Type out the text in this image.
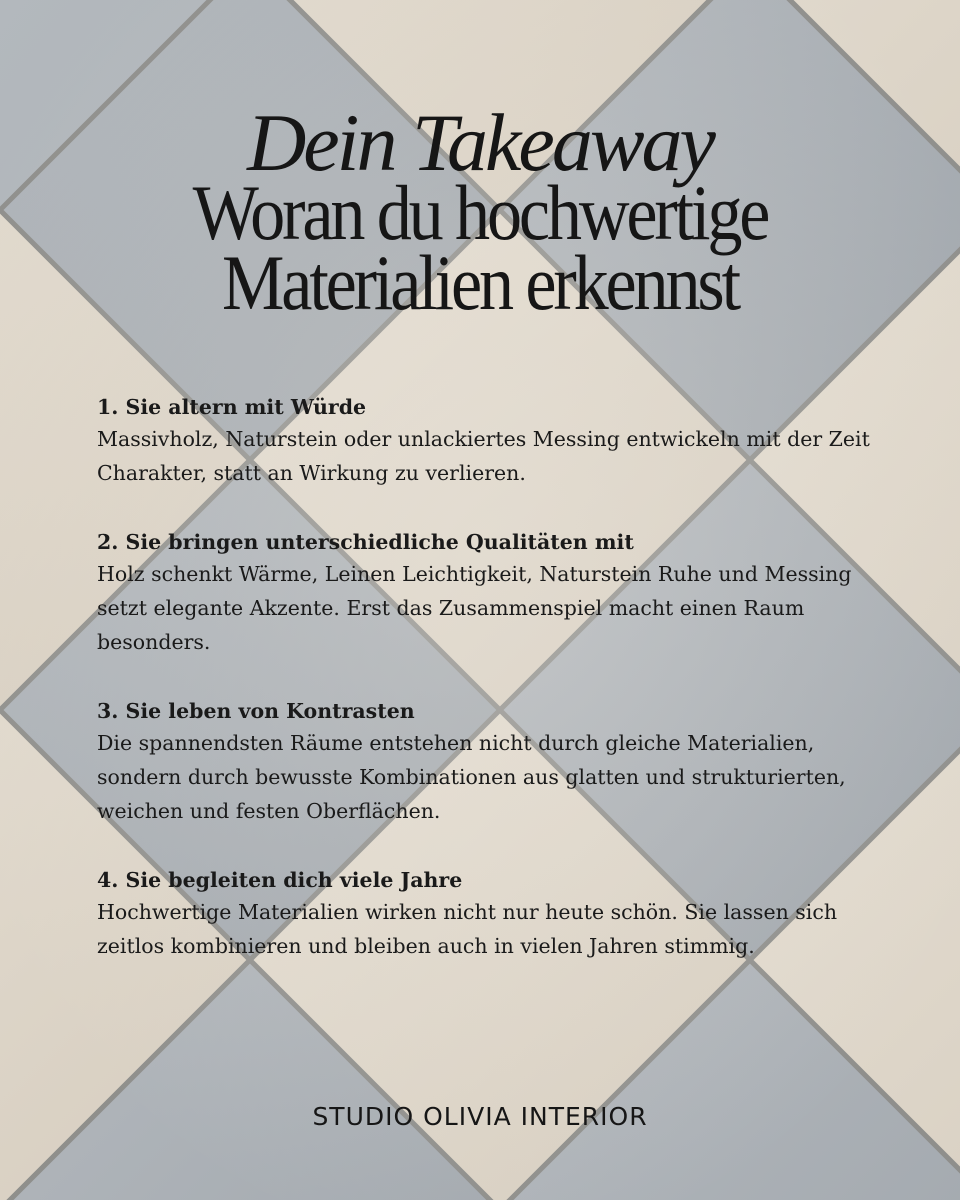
Dein Takeaway
Woran du hochwertige
Materialien erkennst

1. Sie altern mit Würde

Massivholz, Naturstein oder unlackiertes Messing entwickeln mit der Zeit Charakter, statt an Wirkung zu verlieren.

2. Sie bringen unterschiedliche Qualitäten mit

Holz schenkt Wärme, Leinen Leichtigkeit, Naturstein Ruhe und Messing setzt elegante Akzente. Erst das Zusammenspiel macht einen Raum besonders.

3. Sie leben von Kontrasten

Die spannendsten Räume entstehen nicht durch gleiche Materialien, sondern durch bewusste Kombinationen aus glatten und strukturierten, weichen und festen Oberflächen.

4. Sie begleiten dich viele Jahre

Hochwertige Materialien wirken nicht nur heute schön. Sie lassen sich zeitlos kombinieren und bleiben auch in vielen Jahren stimmig.

STUDIO OLIVIA INTERIOR
